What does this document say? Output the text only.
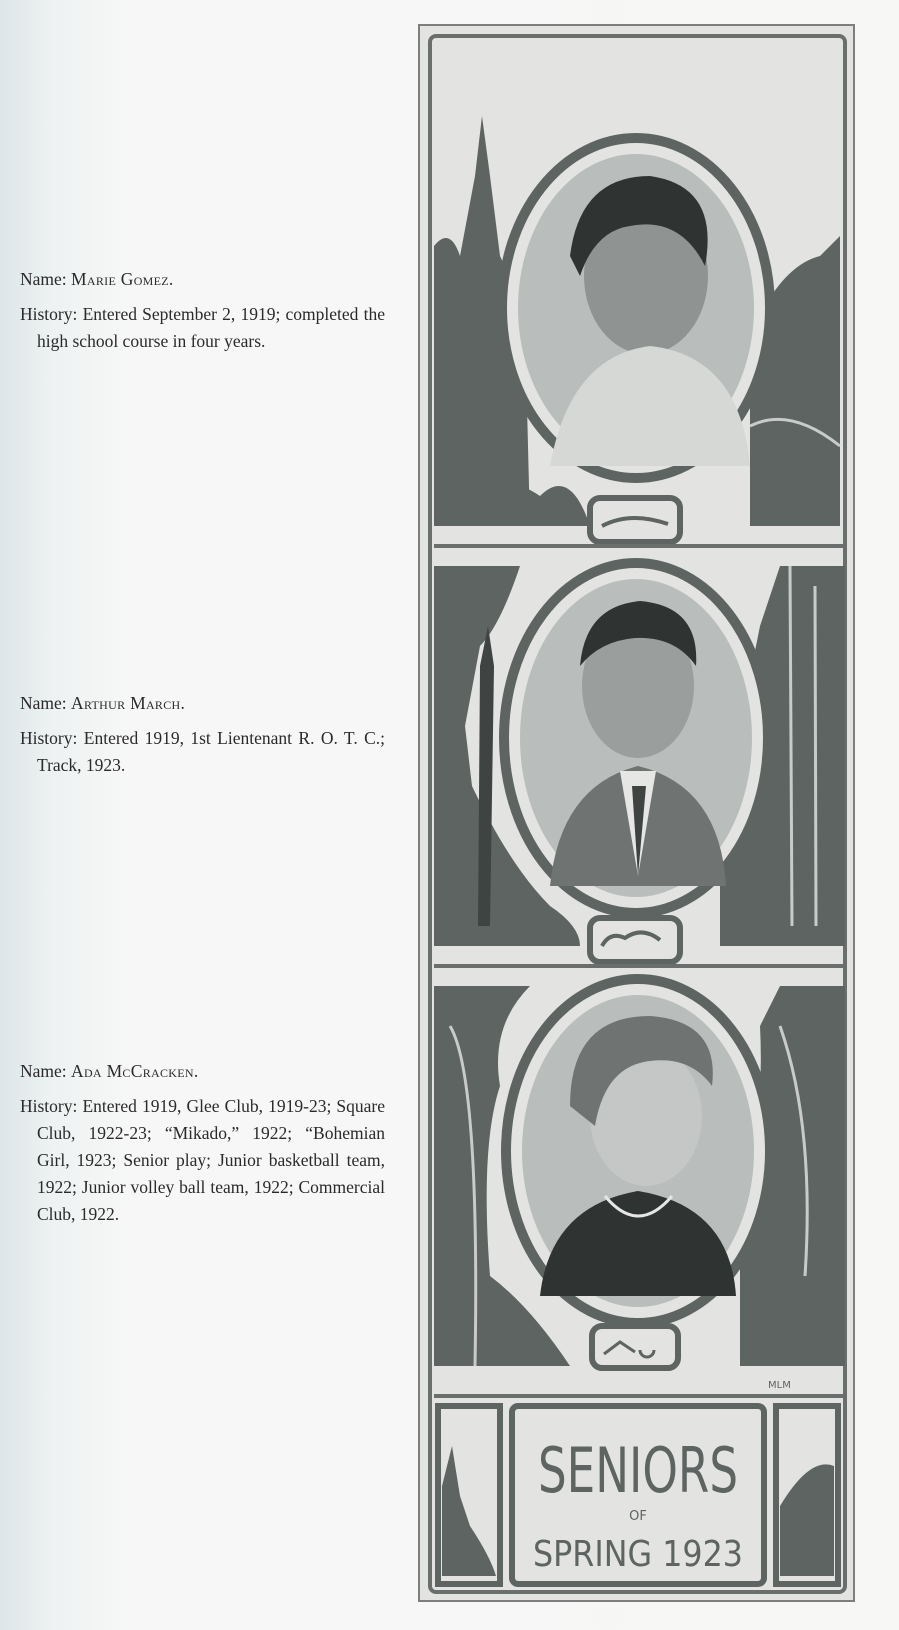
Name: Marie Gomez.

History: Entered September 2, 1919; completed the high school course in four years.

Name: Arthur March.

History: Entered 1919, 1st Lientenant R. O. T. C.; Track, 1923.

Name: Ada McCracken.

History: Entered 1919, Glee Club, 1919-23; Square Club, 1922-23; “Mikado,” 1922; “Bohemian Girl, 1923; Senior play; Junior basketball team, 1922; Junior volley ball team, 1922; Commercial Club, 1922.

MLM
SENIORS
OF
SPRING 1923
